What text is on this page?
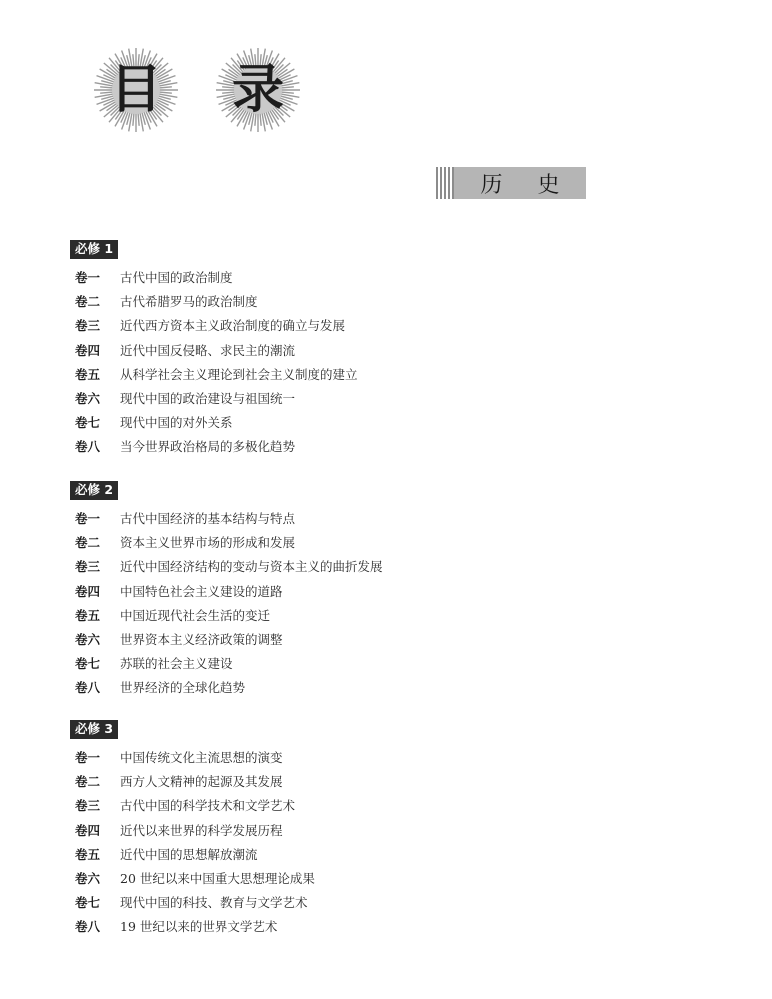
目	录
历 史
必修 1
卷一	古代中国的政治制度
卷二	古代希腊罗马的政治制度
卷三	近代西方资本主义政治制度的确立与发展
卷四	近代中国反侵略、求民主的潮流
卷五	从科学社会主义理论到社会主义制度的建立
卷六	现代中国的政治建设与祖国统一
卷七	现代中国的对外关系
卷八	当今世界政治格局的多极化趋势
必修 2
卷一	古代中国经济的基本结构与特点
卷二	资本主义世界市场的形成和发展
卷三	近代中国经济结构的变动与资本主义的曲折发展
卷四	中国特色社会主义建设的道路
卷五	中国近现代社会生活的变迁
卷六	世界资本主义经济政策的调整
卷七	苏联的社会主义建设
卷八	世界经济的全球化趋势
必修 3
卷一	中国传统文化主流思想的演变
卷二	西方人文精神的起源及其发展
卷三	古代中国的科学技术和文学艺术
卷四	近代以来世界的科学发展历程
卷五	近代中国的思想解放潮流
卷六	20 世纪以来中国重大思想理论成果
卷七	现代中国的科技、教育与文学艺术
卷八	19 世纪以来的世界文学艺术
